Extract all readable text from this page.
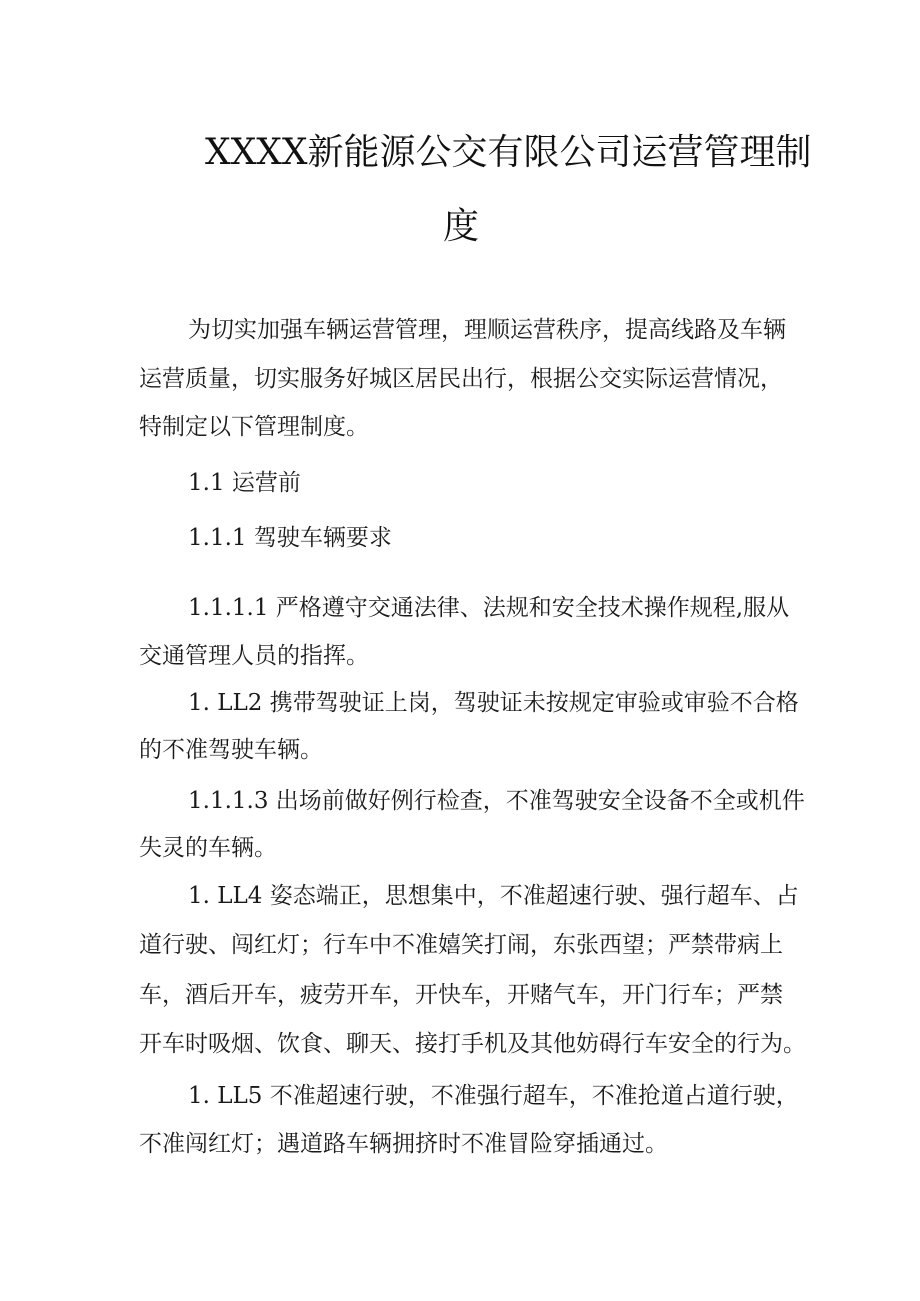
XXXX新能源公交有限公司运营管理制
度
为切实加强车辆运营管理，理顺运营秩序，提高线路及车辆
运营质量，切实服务好城区居民出行，根据公交实际运营情况，
特制定以下管理制度。
1.1 运营前
1.1.1 驾驶车辆要求
1.1.1.1 严格遵守交通法律、法规和安全技术操作规程,服从
交通管理人员的指挥。
1. LL2 携带驾驶证上岗，驾驶证未按规定审验或审验不合格
的不准驾驶车辆。
1.1.1.3 出场前做好例行检查，不准驾驶安全设备不全或机件
失灵的车辆。
1. LL4 姿态端正，思想集中，不准超速行驶、强行超车、占
道行驶、闯红灯；行车中不准嬉笑打闹，东张西望；严禁带病上
车，酒后开车，疲劳开车，开快车，开赌气车，开门行车；严禁
开车时吸烟、饮食、聊天、接打手机及其他妨碍行车安全的行为。
1. LL5 不准超速行驶，不准强行超车，不准抢道占道行驶，
不准闯红灯；遇道路车辆拥挤时不准冒险穿插通过。
